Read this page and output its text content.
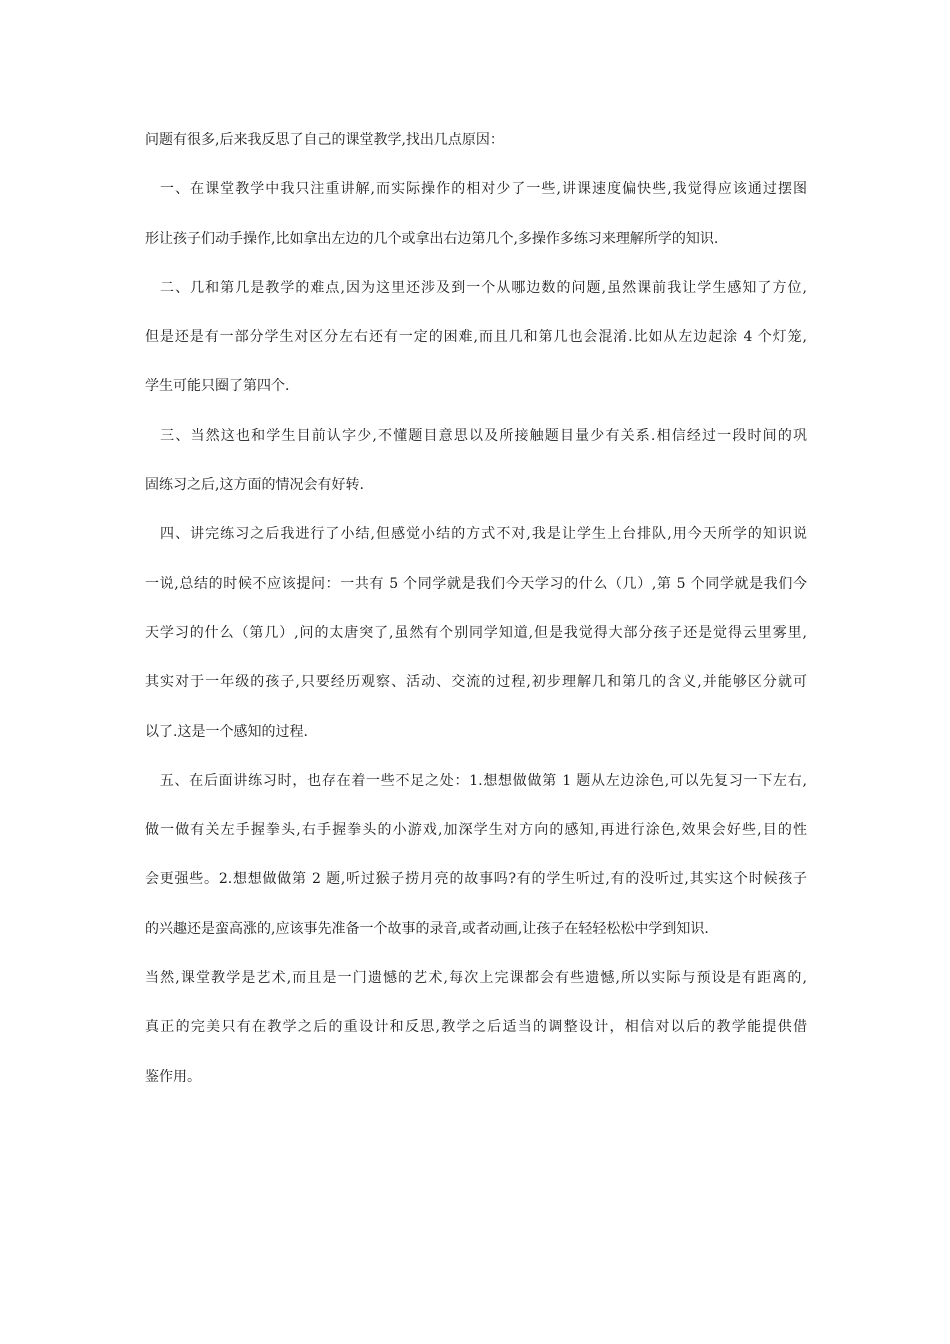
问题有很多,后来我反思了自己的课堂教学,找出几点原因：
　一、在课堂教学中我只注重讲解,而实际操作的相对少了一些,讲课速度偏快些,我觉得应该通过摆图
形让孩子们动手操作,比如拿出左边的几个或拿出右边第几个,多操作多练习来理解所学的知识.
　二、几和第几是教学的难点,因为这里还涉及到一个从哪边数的问题,虽然课前我让学生感知了方位,
但是还是有一部分学生对区分左右还有一定的困难,而且几和第几也会混淆.比如从左边起涂 4 个灯笼,
学生可能只圈了第四个.
　三、当然这也和学生目前认字少,不懂题目意思以及所接触题目量少有关系.相信经过一段时间的巩
固练习之后,这方面的情况会有好转.
　四、讲完练习之后我进行了小结,但感觉小结的方式不对,我是让学生上台排队,用今天所学的知识说
一说,总结的时候不应该提问：一共有 5 个同学就是我们今天学习的什么（几）,第 5 个同学就是我们今
天学习的什么（第几）,问的太唐突了,虽然有个别同学知道,但是我觉得大部分孩子还是觉得云里雾里,
其实对于一年级的孩子,只要经历观察、活动、交流的过程,初步理解几和第几的含义,并能够区分就可
以了.这是一个感知的过程.
　五、在后面讲练习时，也存在着一些不足之处：1.想想做做第 1 题从左边涂色,可以先复习一下左右,
做一做有关左手握拳头,右手握拳头的小游戏,加深学生对方向的感知,再进行涂色,效果会好些,目的性
会更强些。2.想想做做第 2 题,听过猴子捞月亮的故事吗?有的学生听过,有的没听过,其实这个时候孩子
的兴趣还是蛮高涨的,应该事先准备一个故事的录音,或者动画,让孩子在轻轻松松中学到知识.
当然,课堂教学是艺术,而且是一门遗憾的艺术,每次上完课都会有些遗憾,所以实际与预设是有距离的,
真正的完美只有在教学之后的重设计和反思,教学之后适当的调整设计，相信对以后的教学能提供借
鉴作用。
